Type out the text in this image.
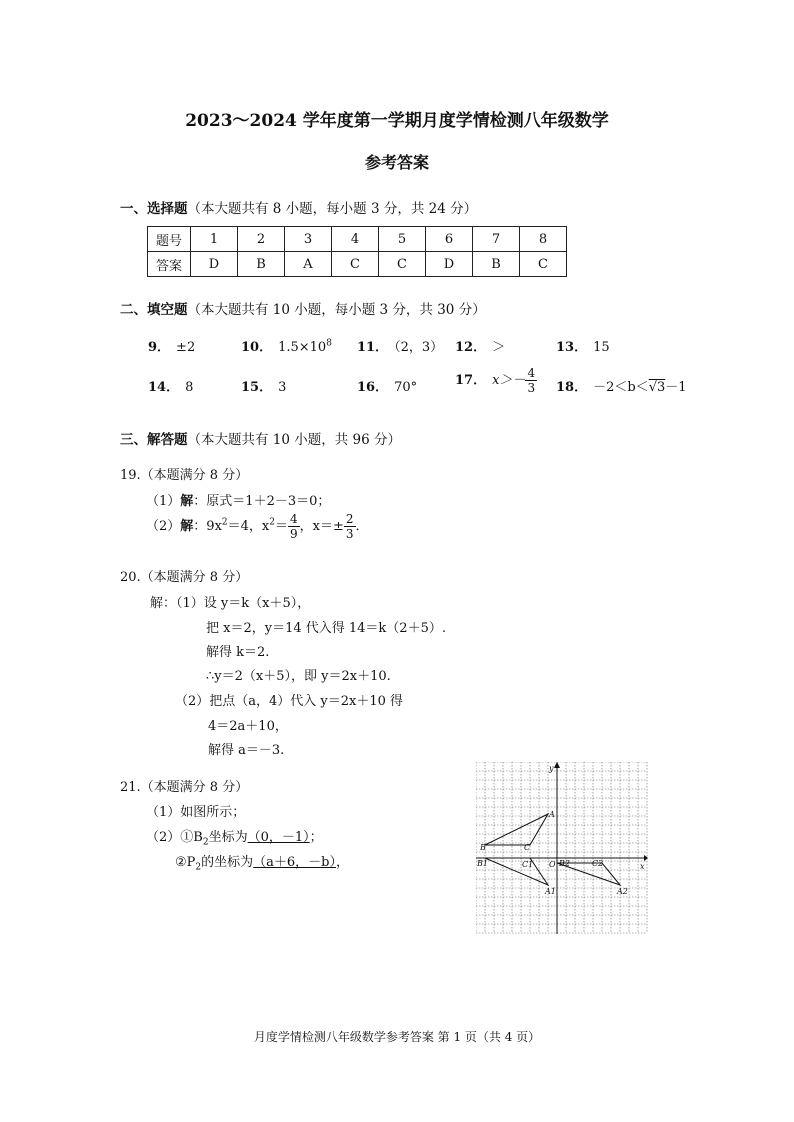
2023～2024 学年度第一学期月度学情检测八年级数学
参考答案
一、选择题（本大题共有 8 小题，每小题 3 分，共 24 分）
题号	1	2	3	4	5	6	7	8
答案	D	B	A	C	C	D	B	C
二、填空题（本大题共有 10 小题，每小题 3 分，共 30 分）
9． ±2	10． $1.5\times 10^8$ 11． （2，3） 12． ＞	13． 15
14． 8	15． 3	16． 70°	17． $x>- \frac{4}{3} 18$． －2＜b＜√3－1
三、解答题（本大题共有 10 小题，共 96 分）
19.（本题满分 8 分）
（1）解：原式＝1＋2－3＝0；
（2）解：$9x^2=4$，$x^2= \frac{4}{9}$ ，$x=\pm \frac{2}{3}$ ．
20.（本题满分 8 分）
解：（1）设 y＝k（x＋5），
把 x＝2，y＝14 代入得 14＝k（2＋5）.
解得 k＝2.
∴y＝2（x＋5），即 y＝2x＋10.
（2）把点（a，4）代入 y＝2x＋10 得
4＝2a＋10，
解得 a＝－3.
21.（本题满分 8 分）
（1）如图所示；
$(2)①B_2$坐标为（0，－1）；
$②P_2$的坐标为（a＋6，－b），
y
x
O
A
B	C
A1
B1	C1
A2
B2	C2
月度学情检测八年级数学参考答案 第 1 页（共 4 页）
